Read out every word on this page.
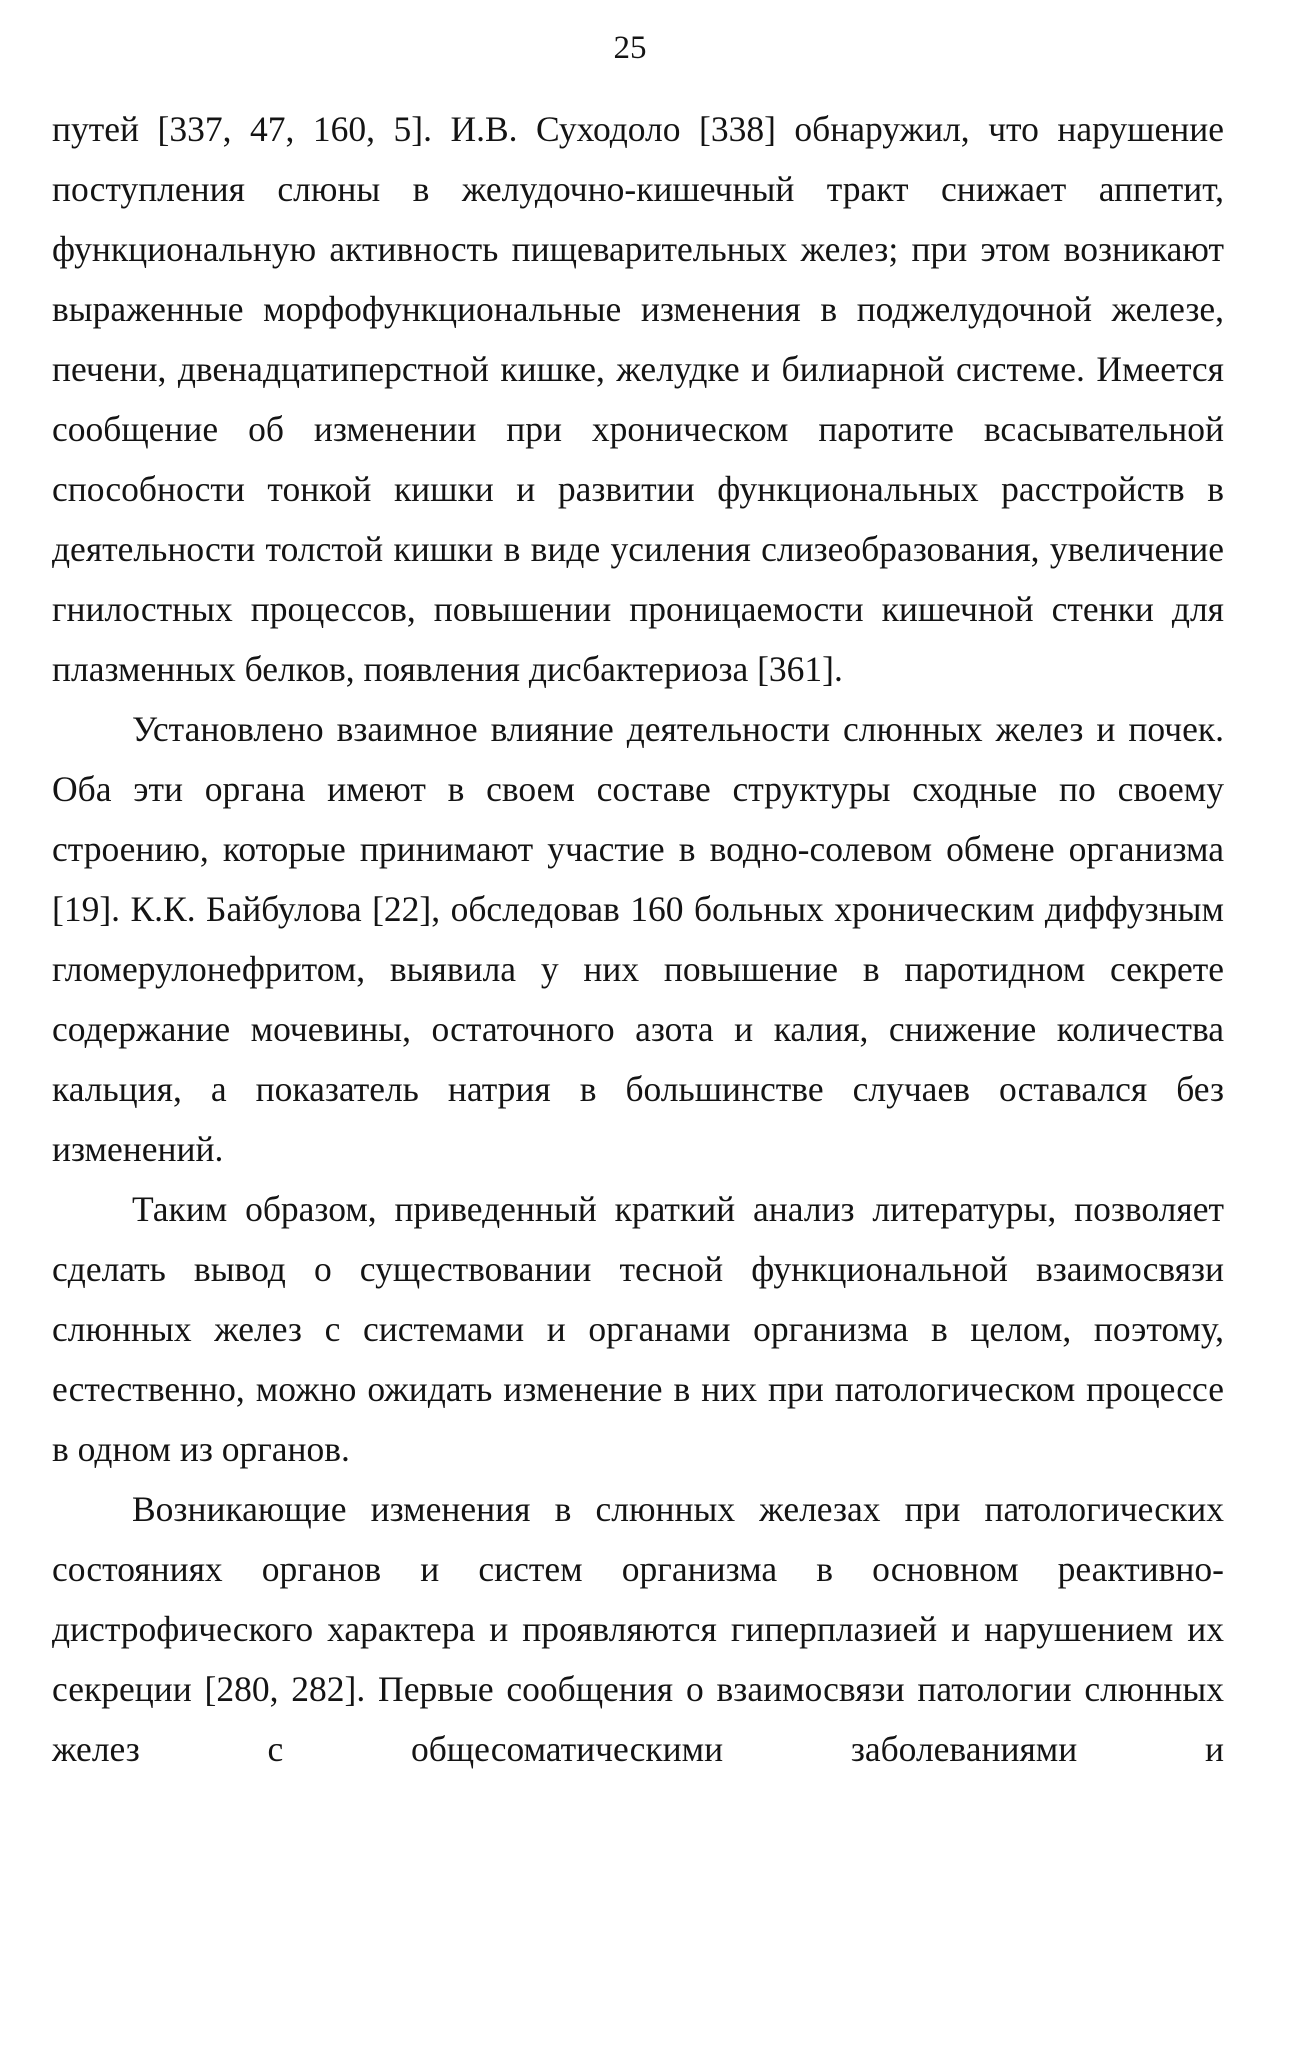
25

путей [337, 47, 160, 5]. И.В. Суходоло [338] обнаружил, что нарушение поступления слюны в желудочно-кишечный тракт снижает аппетит, функциональную активность пищеварительных желез; при этом возникают выраженные морфофункциональные изменения в поджелудочной железе, печени, двенадцатиперстной кишке, желудке и билиарной системе. Имеется сообщение об изменении при хроническом паротите всасывательной способности тонкой кишки и развитии функциональных расстройств в деятельности толстой кишки в виде усиления слизеобразования, увеличение гнилостных процессов, повышении проницаемости кишечной стенки для плазменных белков, появления дисбактериоза [361].

Установлено взаимное влияние деятельности слюнных желез и почек. Оба эти органа имеют в своем составе структуры сходные по своему строению, которые принимают участие в водно-солевом обмене организма [19]. К.К. Байбулова [22], обследовав 160 больных хроническим диффузным гломерулонефритом, выявила у них повышение в паротидном секрете содержание мочевины, остаточного азота и калия, снижение количества кальция, а показатель натрия в большинстве случаев оставался без изменений.

Таким образом, приведенный краткий анализ литературы, позволяет сделать вывод о существовании тесной функциональной взаимосвязи слюнных желез с системами и органами организма в целом, поэтому, естественно, можно ожидать изменение в них при патологическом процессе в одном из органов.

Возникающие изменения в слюнных железах при патологических состояниях органов и систем организма в основном реактивно-дистрофического характера и проявляются гиперплазией и нарушением их секреции [280, 282]. Первые сообщения о взаимосвязи патологии слюнных желез с общесоматическими заболеваниями и
